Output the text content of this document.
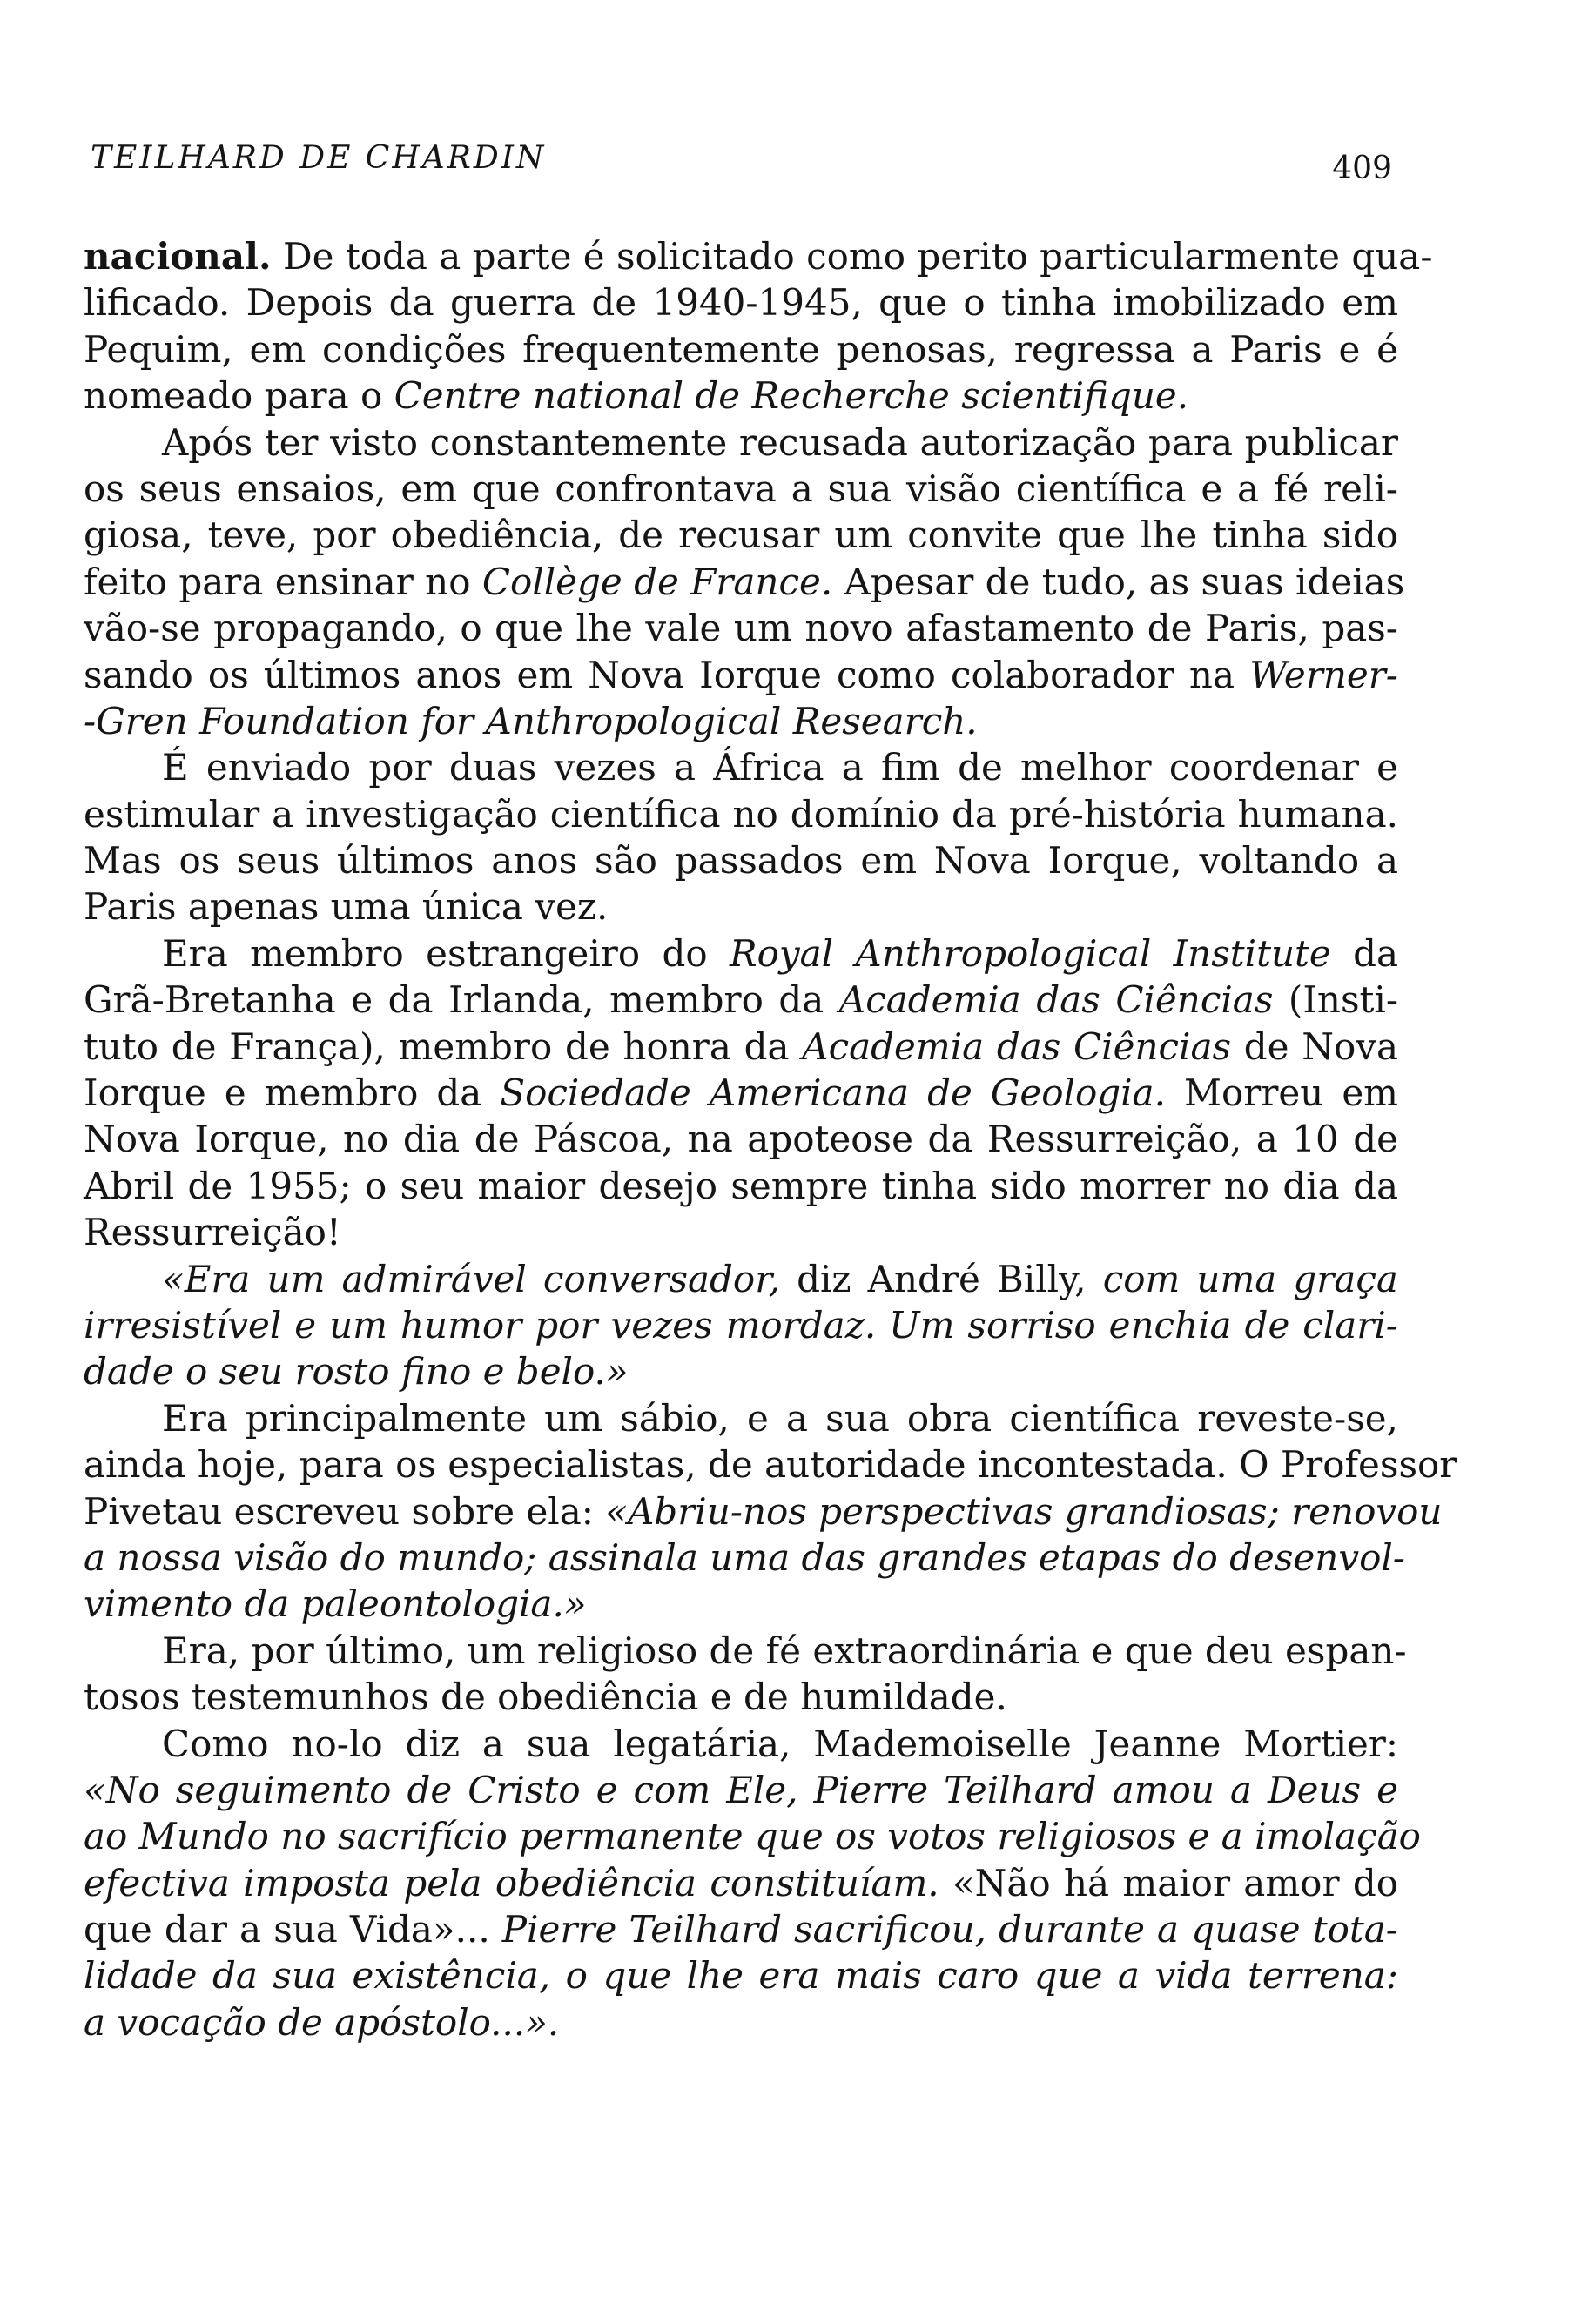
TEILHARD DE CHARDIN	409
nacional. De toda a parte é solicitado como perito particularmente qua-
lificado. Depois da guerra de 1940-1945, que o tinha imobilizado em
Pequim, em condições frequentemente penosas, regressa a Paris e é
nomeado para o Centre national de Recherche scientifique.
Após ter visto constantemente recusada autorização para publicar
os seus ensaios, em que confrontava a sua visão científica e a fé reli-
giosa, teve, por obediência, de recusar um convite que lhe tinha sido
feito para ensinar no Collège de France. Apesar de tudo, as suas ideias
vão-se propagando, o que lhe vale um novo afastamento de Paris, pas-
sando os últimos anos em Nova Iorque como colaborador na Werner-
-Gren Foundation for Anthropological Research.
É enviado por duas vezes a África a fim de melhor coordenar e
estimular a investigação científica no domínio da pré-história humana.
Mas os seus últimos anos são passados em Nova Iorque, voltando a
Paris apenas uma única vez.
Era membro estrangeiro do Royal Anthropological Institute da
Grã-Bretanha e da Irlanda, membro da Academia das Ciências (Insti-
tuto de França), membro de honra da Academia das Ciências de Nova
Iorque e membro da Sociedade Americana de Geologia. Morreu em
Nova Iorque, no dia de Páscoa, na apoteose da Ressurreição, a 10 de
Abril de 1955; o seu maior desejo sempre tinha sido morrer no dia da
Ressurreição!
«Era um admirável conversador, diz André Billy, com uma graça
irresistível e um humor por vezes mordaz. Um sorriso enchia de clari-
dade o seu rosto fino e belo.»
Era principalmente um sábio, e a sua obra científica reveste-se,
ainda hoje, para os especialistas, de autoridade incontestada. O Professor
Pivetau escreveu sobre ela: «Abriu-nos perspectivas grandiosas; renovou
a nossa visão do mundo; assinala uma das grandes etapas do desenvol-
vimento da paleontologia.»
Era, por último, um religioso de fé extraordinária e que deu espan-
tosos testemunhos de obediência e de humildade.
Como no-lo diz a sua legatária, Mademoiselle Jeanne Mortier:
«No seguimento de Cristo e com Ele, Pierre Teilhard amou a Deus e
ao Mundo no sacrifício permanente que os votos religiosos e a imolação
efectiva imposta pela obediência constituíam. «Não há maior amor do
que dar a sua Vida»... Pierre Teilhard sacrificou, durante a quase tota-
lidade da sua existência, o que lhe era mais caro que a vida terrena:
a vocação de apóstolo...».
